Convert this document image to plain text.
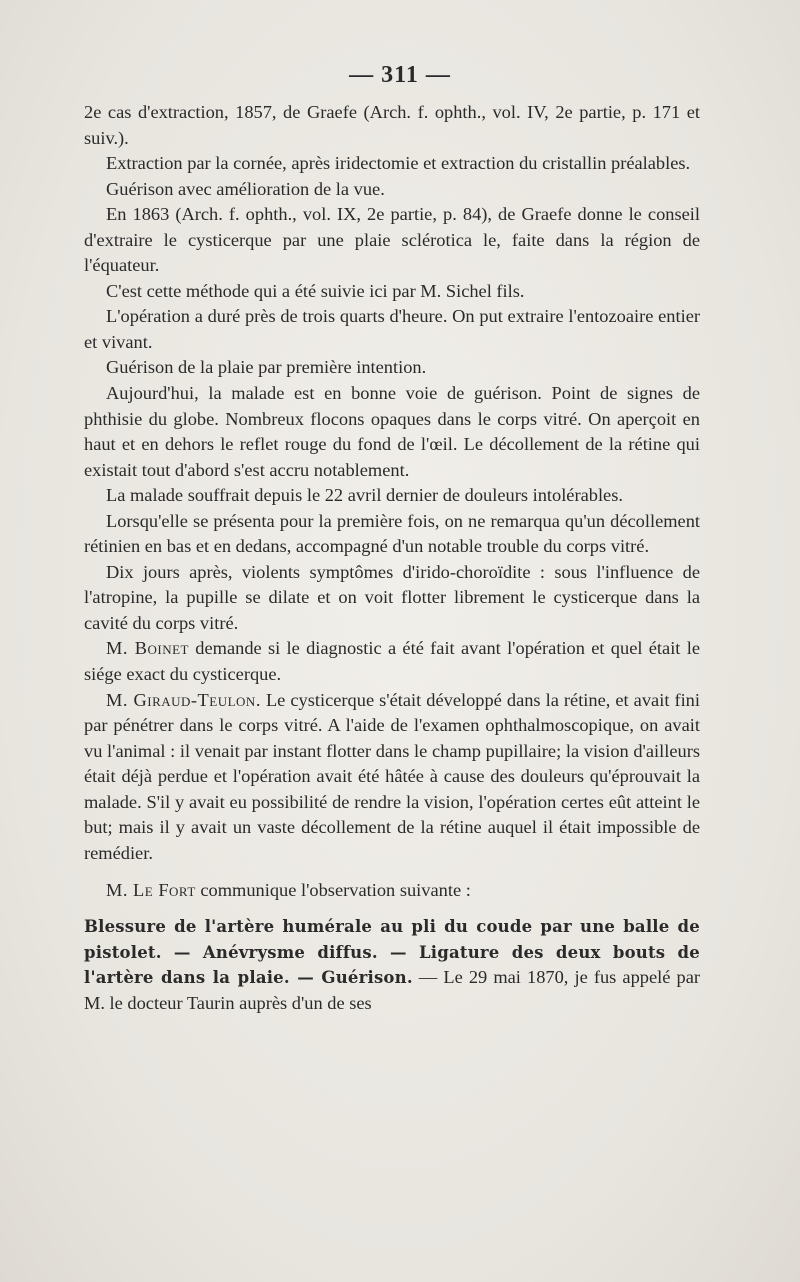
— 311 —

2e cas d'extraction, 1857, de Graefe (Arch. f. ophth., vol. IV, 2e partie, p. 171 et suiv.).

Extraction par la cornée, après iridectomie et extraction du cristallin préalables.

Guérison avec amélioration de la vue.

En 1863 (Arch. f. ophth., vol. IX, 2e partie, p. 84), de Graefe donne le conseil d'extraire le cysticerque par une plaie sclérotica le, faite dans la région de l'équateur.

C'est cette méthode qui a été suivie ici par M. Sichel fils.

L'opération a duré près de trois quarts d'heure. On put extraire l'entozoaire entier et vivant.

Guérison de la plaie par première intention.

Aujourd'hui, la malade est en bonne voie de guérison. Point de signes de phthisie du globe. Nombreux flocons opaques dans le corps vitré. On aperçoit en haut et en dehors le reflet rouge du fond de l'œil. Le décollement de la rétine qui existait tout d'abord s'est accru notablement.

La malade souffrait depuis le 22 avril dernier de douleurs intolérables.

Lorsqu'elle se présenta pour la première fois, on ne remarqua qu'un décollement rétinien en bas et en dedans, accompagné d'un notable trouble du corps vitré.

Dix jours après, violents symptômes d'irido-choroïdite : sous l'influence de l'atropine, la pupille se dilate et on voit flotter librement le cysticerque dans la cavité du corps vitré.

M. Boinet demande si le diagnostic a été fait avant l'opération et quel était le siége exact du cysticerque.

M. Giraud-Teulon. Le cysticerque s'était développé dans la rétine, et avait fini par pénétrer dans le corps vitré. A l'aide de l'examen ophthalmoscopique, on avait vu l'animal : il venait par instant flotter dans le champ pupillaire; la vision d'ailleurs était déjà perdue et l'opération avait été hâtée à cause des douleurs qu'éprouvait la malade. S'il y avait eu possibilité de rendre la vision, l'opération certes eût atteint le but; mais il y avait un vaste décollement de la rétine auquel il était impossible de remédier.

M. Le Fort communique l'observation suivante :

Blessure de l'artère humérale au pli du coude par une balle de pistolet. — Anévrysme diffus. — Ligature des deux bouts de l'artère dans la plaie. — Guérison. — Le 29 mai 1870, je fus appelé par M. le docteur Taurin auprès d'un de ses
